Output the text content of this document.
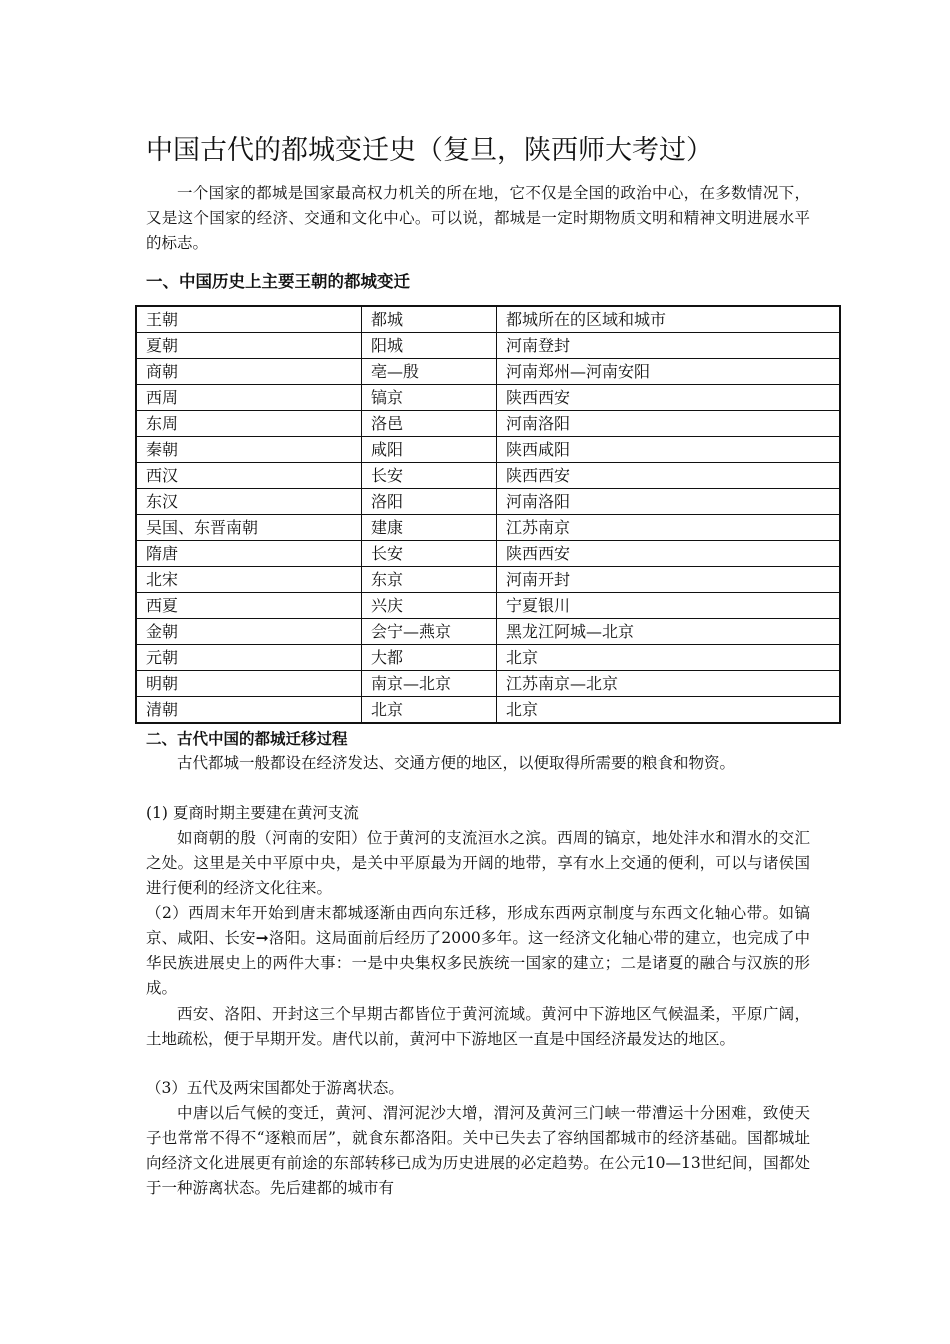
中国古代的都城变迁史（复旦，陕西师大考过）

一个国家的都城是国家最高权力机关的所在地，它不仅是全国的政治中心，在多数情况下，又是这个国家的经济、交通和文化中心。可以说，都城是一定时期物质文明和精神文明进展水平的标志。

一、中国历史上主要王朝的都城变迁
王朝	都城	都城所在的区域和城市
夏朝	阳城	河南登封
商朝	亳—殷	河南郑州—河南安阳
西周	镐京	陕西西安
东周	洛邑	河南洛阳
秦朝	咸阳	陕西咸阳
西汉	长安	陕西西安
东汉	洛阳	河南洛阳
吴国、东晋南朝	建康	江苏南京
隋唐	长安	陕西西安
北宋	东京	河南开封
西夏	兴庆	宁夏银川
金朝	会宁—燕京	黑龙江阿城—北京
元朝	大都	北京
明朝	南京—北京	江苏南京—北京
清朝	北京	北京
二、古代中国的都城迁移过程

古代都城一般都设在经济发达、交通方便的地区，以便取得所需要的粮食和物资。

(1) 夏商时期主要建在黄河支流

如商朝的殷（河南的安阳）位于黄河的支流洹水之滨。西周的镐京，地处沣水和渭水的交汇之处。这里是关中平原中央，是关中平原最为开阔的地带，享有水上交通的便利，可以与诸侯国进行便利的经济文化往来。

（2）西周末年开始到唐末都城逐渐由西向东迁移，形成东西两京制度与东西文化轴心带。如镐京、咸阳、长安➞洛阳。这局面前后经历了2000多年。这一经济文化轴心带的建立，也完成了中华民族进展史上的两件大事：一是中央集权多民族统一国家的建立；二是诸夏的融合与汉族的形成。

西安、洛阳、开封这三个早期古都皆位于黄河流域。黄河中下游地区气候温柔，平原广阔，土地疏松，便于早期开发。唐代以前，黄河中下游地区一直是中国经济最发达的地区。

（3）五代及两宋国都处于游离状态。

中唐以后气候的变迁，黄河、渭河泥沙大增，渭河及黄河三门峡一带漕运十分困难，致使天子也常常不得不“逐粮而居”，就食东都洛阳。关中已失去了容纳国都城市的经济基础。国都城址向经济文化进展更有前途的东部转移已成为历史进展的必定趋势。在公元10—13世纪间，国都处于一种游离状态。先后建都的城市有
